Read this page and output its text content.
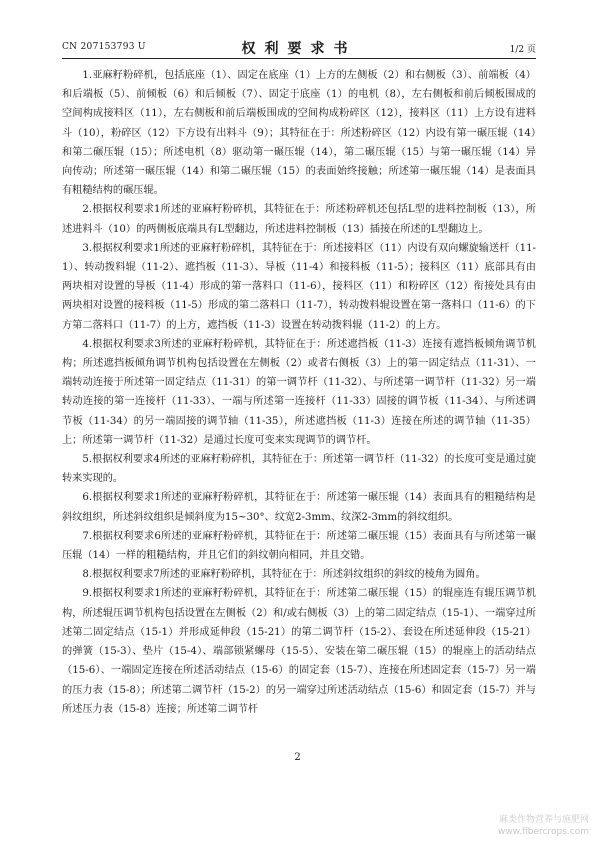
CN 207153793 U	权利要求书	1/2 页

1.亚麻籽粉碎机，包括底座（1）、固定在底座（1）上方的左侧板（2）和右侧板（3）、前端板（4）和后端板（5）、前倾板（6）和后倾板（7）、固定于底座（1）的电机（8），左右侧板和前后倾板围成的空间构成接料区（11），左右侧板和前后端板围成的空间构成粉碎区（12），接料区（11）上方设有进料斗（10），粉碎区（12）下方设有出料斗（9）；其特征在于：所述粉碎区（12）内设有第一碾压辊（14）和第二碾压辊（15）；所述电机（8）驱动第一碾压辊（14），第二碾压辊（15）与第一碾压辊（14）异向传动；所述第一碾压辊（14）和第二碾压辊（15）的表面始终接触；所述第一碾压辊（14）是表面具有粗糙结构的碾压辊。

2.根据权利要求1所述的亚麻籽粉碎机，其特征在于：所述粉碎机还包括L型的进料控制板（13），所述进料斗（10）的两侧板底端具有L型翻边，所述进料控制板（13）插接在所述的L型翻边上。

3.根据权利要求1所述的亚麻籽粉碎机，其特征在于：所述接料区（11）内设有双向螺旋输送杆（11-1）、转动拨料辊（11-2）、遮挡板（11-3）、导板（11-4）和接料板（11-5）；接料区（11）底部具有由两块相对设置的导板（11-4）形成的第一落料口（11-6），接料区（11）和粉碎区（12）衔接处具有由两块相对设置的接料板（11-5）形成的第二落料口（11-7），转动拨料辊设置在第一落料口（11-6）的下方第二落料口（11-7）的上方，遮挡板（11-3）设置在转动拨料辊（11-2）的上方。

4.根据权利要求3所述的亚麻籽粉碎机，其特征在于：所述遮挡板（11-3）连接有遮挡板倾角调节机构；所述遮挡板倾角调节机构包括设置在左侧板（2）或者右侧板（3）上的第一固定结点（11-31）、一端转动连接于所述第一固定结点（11-31）的第一调节杆（11-32）、与所述第一调节杆（11-32）另一端转动连接的第一连接杆（11-33）、一端与所述第一连接杆（11-33）固接的调节板（11-34）、与所述调节板（11-34）的另一端固接的调节轴（11-35），所述遮挡板（11-3）连接在所述的调节轴（11-35）上；所述第一调节杆（11-32）是通过长度可变来实现调节的调节杆。

5.根据权利要求4所述的亚麻籽粉碎机，其特征在于：所述第一调节杆（11-32）的长度可变是通过旋转来实现的。

6.根据权利要求1所述的亚麻籽粉碎机，其特征在于：所述第一碾压辊（14）表面具有的粗糙结构是斜纹组织，所述斜纹组织是倾斜度为15~30°、纹宽2-3mm、纹深2-3mm的斜纹组织。

7.根据权利要求6所述的亚麻籽粉碎机，其特征在于：所述第二碾压辊（15）表面具有与所述第一碾压辊（14）一样的粗糙结构，并且它们的斜纹朝向相同，并且交错。

8.根据权利要求7所述的亚麻籽粉碎机，其特征在于：所述斜纹组织的斜纹的棱角为圆角。

9.根据权利要求1所述的亚麻籽粉碎机，其特征在于：所述第二碾压辊（15）的辊座连有辊压调节机构，所述辊压调节机构包括设置在左侧板（2）和/或右侧板（3）上的第二固定结点（15-1）、一端穿过所述第二固定结点（15-1）并形成延伸段（15-21）的第二调节杆（15-2）、套设在所述延伸段（15-21）的弹簧（15-3）、垫片（15-4）、端部锁紧螺母（15-5）、安装在第二碾压辊（15）的辊座上的活动结点（15-6）、一端固定连接在所述活动结点（15-6）的固定套（15-7）、连接在所述固定套（15-7）另一端的压力表（15-8）；所述第二调节杆（15-2）的另一端穿过所述活动结点（15-6）和固定套（15-7）并与所述压力表（15-8）连接；所述第二调节杆

2
麻类作物营养与施肥网
www.fibercrops.com
